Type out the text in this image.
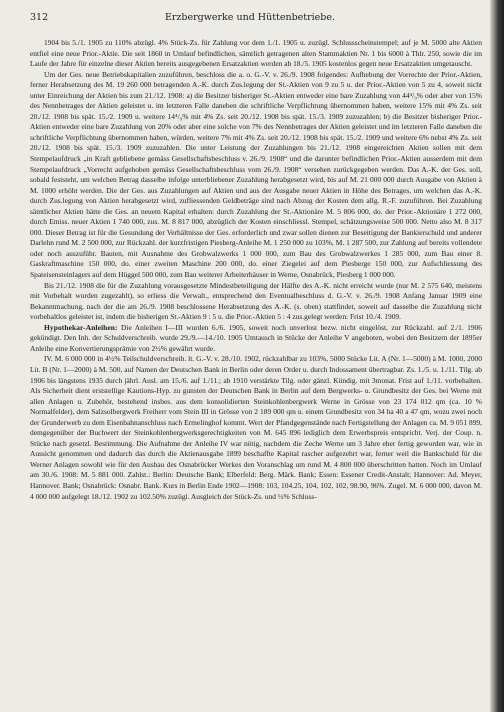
312	Erzbergwerke und Hüttenbetriebe.

1904 bis 5./1. 1905 zu 110% abzügl. 4% Stück-Zs. für Zahlung vor dem 1./1. 1905 u. zuzügl. Schlussscheinstempel; auf je M. 5000 alte Aktien entfiel eine neue Prior.-Aktie. Die seit 1860 in Umlauf befindlichen, sämtlich getragenen alten Stammaktien Nr. 1 bis 6000 à Thlr. 250, sowie die im Laufe der Jahre für einzelne dieser Aktien bereits ausgegebenen Ersatzaktien werden ab 18./5. 1905 kostenlos gegen neue Ersatzaktien umgetauscht.

Um der Ges. neue Betriebskapitalien zuzuführen, beschloss die a. o. G.-V. v. 26./9. 1908 folgendes: Aufhebung der Vorrechte der Prior.-Aktien, ferner Herabsetzung des M. 19 260 000 betragenden A.-K. durch Zus.legung der St.-Aktien von 9 zu 5 u. der Prior.-Aktien von 5 zu 4, soweit nicht unter Einreichung der Aktien bis zum 21./12. 1908: a) die Besitzer bisheriger St.-Aktien entweder eine bare Zuzahlung von 44⁴/₉% oder aber von 15% des Nennbetrages der Aktien geleistet u. im letzteren Falle daneben die schriftliche Verpflichtung übernommen haben, weitere 15% mit 4% Zs. seit 20./12. 1908 bis spät. 15./2. 1909 u. weitere 14⁴/₉% mit 4% Zs. seit 20./12. 1908 bis spät. 15./3. 1909 zuzuzahlen; b) die Besitzer bisheriger Prior.-Aktien entweder eine bare Zuzahlung von 20% oder aber eine solche von 7% des Nennbetrages der Aktien geleistet und im letzteren Falle daneben die schriftliche Verpflichtung übernommen haben, würden, weitere 7% mit 4% Zs. seit 20./12. 1908 bis spät. 15./2. 1909 und weitere 6% nebst 4% Zs. seit 20./12. 1908 bis spät. 15./3. 1909 zuzuzahlen. Die unter Leistung der Zuzahlungen bis 21./12. 1908 eingereichten Aktien sollen mit dem Stempelaufdruck „in Kraft gebliebene gemäss Gesellschaftsbeschluss v. 26./9. 1908“ und die darunter befindlichen Prior.-Aktien ausserdem mit dem Stempelaufdruck „Vorrecht aufgehoben gemäss Gesellschaftsbeschluss vom 26./9. 1908“ versehen zurückgegeben werden. Das A.-K. der Ges. soll, sobald feststeht, um welchen Betrag dasselbe infolge unterbliebener Zuzahlung herabgesetzt wird, bis auf M. 21 000 000 durch Ausgabe von Aktien à M. 1000 erhöht werden. Die der Ges. aus Zuzahlungen auf Aktien und aus der Ausgabe neuer Aktien in Höhe des Betrages, um welchen das A.-K. durch Zus.legung von Aktien herabgesetzt wird, zufliessenden Geldbeträge sind nach Abzug der Kosten dem allg. R.-F. zuzuführen. Bei Zuzahlung sämtlicher Aktien hätte die Ges. an neuem Kapital erhalten: durch Zuzahlung der St.-Aktionäre M. 5 806 000, do. der Prior.-Aktionäre 1 272 000, durch Emiss. neuer Aktien 1 740 000, zus. M. 8 817 000, abzüglich der Kosten einschliessl. Stempel, schätzungsweise 500 000. Netto also M. 8 317 000. Dieser Betrag ist für die Gesundung der Verhältnisse der Ges. erforderlich und zwar sollen dienen zur Beseitigung der Bankierschuld und anderer Darlehn rund M. 2 500 000, zur Rückzahl. der kurzfristigen Piesberg-Anleihe M. 1 250 000 zu 103%, M. 1 287 500, zur Zahlung auf bereits vollendete oder noch auszuführ. Bauten, mit Ausnahme des Grobwalzwerks 1 000 000, zum Bau des Grobwalzwerkes 1 285 000, zum Bau einer 8. Gaskraftmaschine 150 000, do. einer zweiten Maschine 200 000, do. einer Ziegelei auf dem Piesberge 150 000, zur Aufschliessung des Spateisensteinlagers auf dem Hüggel 500 000, zum Bau weiterer Arbeiterhäuser in Werne, Osnabrück, Piesberg 1 000 000.

Bis 21./12. 1908 die für die Zuzahlung vorausgesetzte Mindestbeteiligung der Hälfte des A.-K. nicht erreicht wurde (nur M. 2 575 640, meistens mit Vorbehalt wurden zugezahlt), so erliess die Verwalt., entsprechend den Eventualbeschluss d. G.-V. v. 26./9. 1908 Anfang Januar 1909 eine Bekanntmachung, nach der die am 26./9. 1908 beschlossene Herabsetzung des A.-K. (s. oben) stattfindet, soweit auf dasselbe die Zuzahlung nicht vorbehaltlos geleistet ist, indem die bisherigen St.-Aktien 9 : 5 u. die Prior.-Aktien 5 : 4 zus.gelegt werden: Frist 10./4. 1909.

Hypothekar-Anleihen: Die Anleihen I—III wurden 6./6. 1905, soweit noch unverlost bezw. nicht eingelöst, zur Rückzahl. auf 2./1. 1906 gekündigt. Den Inh. der Schuldverschreib. wurde 29./9.—14./10. 1905 Umtausch in Stücke der Anleihe V angeboten, wobei den Besitzern der 1895er Anleihe eine Konvertierungsprämie von 2½% gewährt wurde.

IV. M. 6 000 000 in 4½% Teilschuldverschreib. lt. G.-V. v. 28./10. 1902, rückzahlbar zu 103%, 5000 Stücke Lit. A (Nr. 1—5000) à M. 1000, 2000 Lit. B (Nr. 1—2000) à M. 500, auf Namen der Deutschen Bank in Berlin oder deren Order u. durch Indossament übertragbar. Zs. 1./5. u. 1./11. Tilg. ab 1906 bis längstens 1935 durch jährl. Ausl. am 15./6. auf 1./11.; ab 1910 verstärkte Tilg. oder gänzl. Kündig. mit 3monat. Frist auf 1./11. vorbehalten. Als Sicherheit dient erststellige Kautions-Hyp. zu gunsten der Deutschen Bank in Berlin auf dem Bergwerks- u. Grundbesitz der Ges. bei Werne mit allen Anlagen u. Zubehör, bestehend insbes. aus dem konsolidierten Steinkohlenbergwerk Werne in Grösse von 23 174 012 qm (ca. 10 % Normalfelder), dem Salzsolbergwerk Freiherr vom Stein III in Grösse von 2 189 000 qm u. einem Grundbesitz von 34 ha 40 a 47 qm, wozu zwei noch der Grunderwerb zu dem Eisenbahnanschluss nach Ermelinghof kommt. Wert der Pfandgegenstände nach Fertigstellung der Anlagen ca. M. 9 051 899, demgegenüber der Buchwert der Steinkohlenbergwerksgerechtigkeiten von M. 645 896 lediglich dem Erwerbspreis entspricht. Verj. der Coup. n. Stücke nach gesetzl. Bestimmung. Die Aufnahme der Anleihe IV war nötig, nachdem die Zeche Werne um 3 Jahre eher fertig geworden war, wie in Aussicht genommen und dadurch das durch die Aktienausgabe 1899 beschaffte Kapital rascher aufgezehrt war, ferner weil die Bankschuld für die Werner Anlagen sowohl wie für den Ausbau des Osnabrücker Werkes den Voranschlag um rund M. 4 800 000 überschritten hatten. Noch im Umlauf am 30./6. 1908: M. 5 881 000. Zahlst.: Berlin: Deutsche Bank; Elberfeld: Berg. Märk. Bank; Essen: Essener Credit-Anstalt; Hannover: Ad. Meyer, Hannover. Bank; Osnabrück: Osnabr. Bank. Kurs in Berlin Ende 1902—1908: 103, 104.25, 104, 102, 102, 98.90, 96%. Zugel. M. 6 000 000, davon M. 4 000 000 aufgelegt 18./12. 1902 zu 102.50% zuzügl. Ausgleich der Stück-Zs. und ½% Schluss-
